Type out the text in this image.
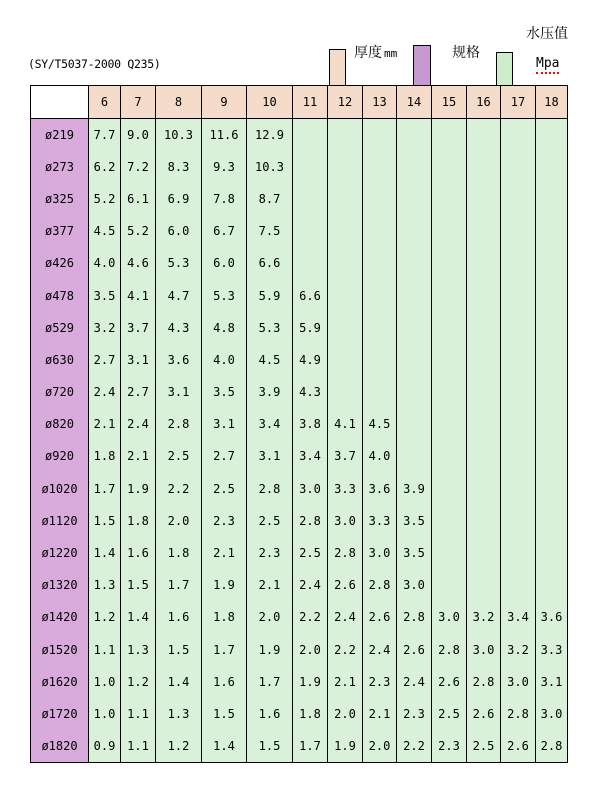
(SY/T5037-2000 Q235)
厚度 mm	规格
水压值
Mpa
	6	7	8	9	10	11	12	13	14	15	16	17	18
ø219	7.7	9.0	10.3	11.6	12.9								
ø273	6.2	7.2	8.3	9.3	10.3								
ø325	5.2	6.1	6.9	7.8	8.7								
ø377	4.5	5.2	6.0	6.7	7.5								
ø426	4.0	4.6	5.3	6.0	6.6								
ø478	3.5	4.1	4.7	5.3	5.9	6.6							
ø529	3.2	3.7	4.3	4.8	5.3	5.9							
ø630	2.7	3.1	3.6	4.0	4.5	4.9							
ø720	2.4	2.7	3.1	3.5	3.9	4.3							
ø820	2.1	2.4	2.8	3.1	3.4	3.8	4.1	4.5					
ø920	1.8	2.1	2.5	2.7	3.1	3.4	3.7	4.0					
ø1020	1.7	1.9	2.2	2.5	2.8	3.0	3.3	3.6	3.9				
ø1120	1.5	1.8	2.0	2.3	2.5	2.8	3.0	3.3	3.5				
ø1220	1.4	1.6	1.8	2.1	2.3	2.5	2.8	3.0	3.5				
ø1320	1.3	1.5	1.7	1.9	2.1	2.4	2.6	2.8	3.0				
ø1420	1.2	1.4	1.6	1.8	2.0	2.2	2.4	2.6	2.8	3.0	3.2	3.4	3.6
ø1520	1.1	1.3	1.5	1.7	1.9	2.0	2.2	2.4	2.6	2.8	3.0	3.2	3.3
ø1620	1.0	1.2	1.4	1.6	1.7	1.9	2.1	2.3	2.4	2.6	2.8	3.0	3.1
ø1720	1.0	1.1	1.3	1.5	1.6	1.8	2.0	2.1	2.3	2.5	2.6	2.8	3.0
ø1820	0.9	1.1	1.2	1.4	1.5	1.7	1.9	2.0	2.2	2.3	2.5	2.6	2.8
